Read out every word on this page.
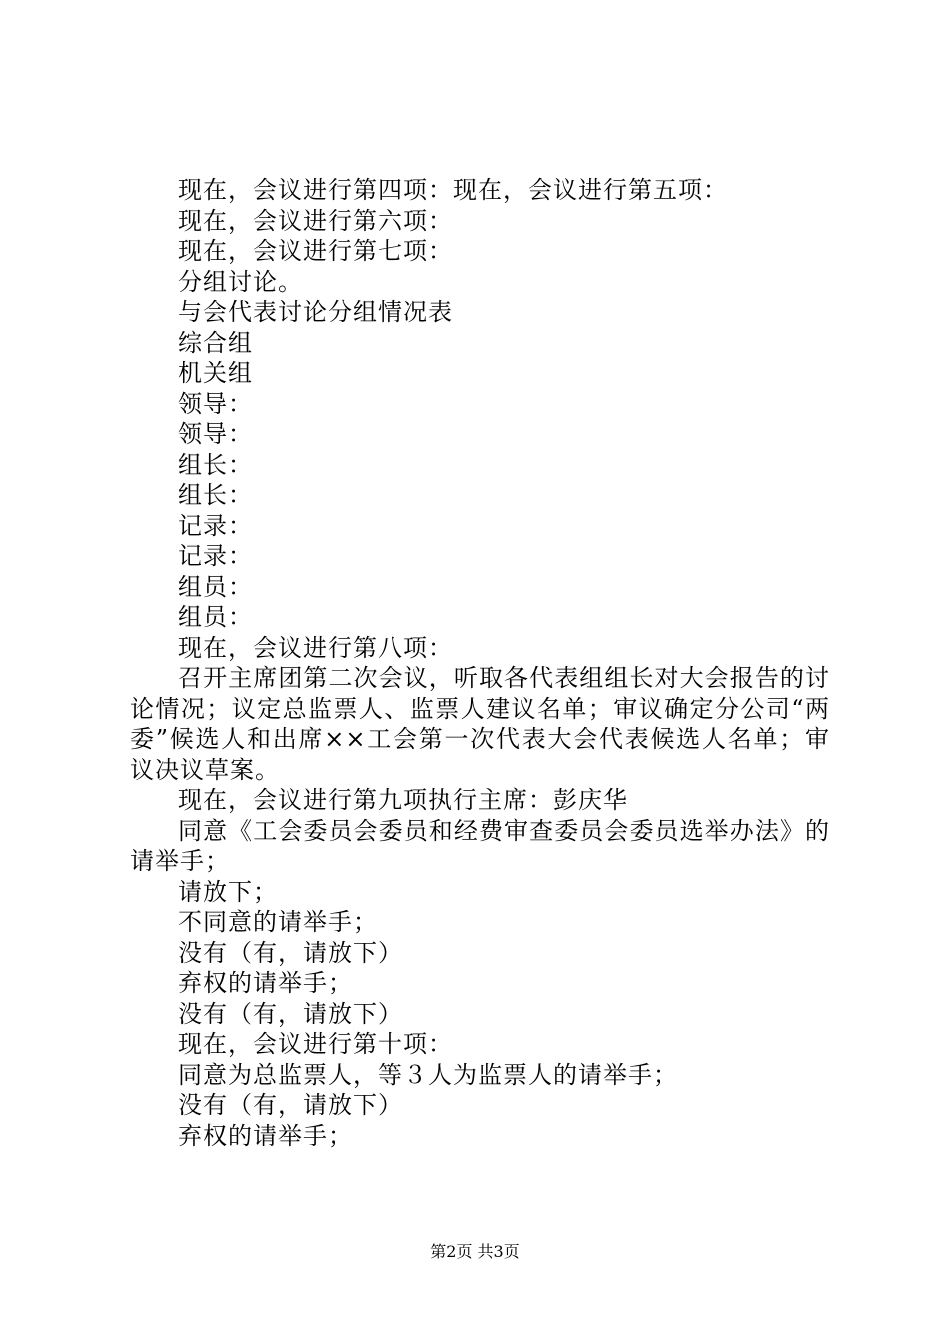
现在，会议进行第四项：现在，会议进行第五项：

现在，会议进行第六项：

现在，会议进行第七项：

分组讨论。

与会代表讨论分组情况表

综合组

机关组

领导：

领导：

组长：

组长：

记录：

记录：

组员：

组员：

现在，会议进行第八项：

召开主席团第二次会议，听取各代表组组长对大会报告的讨论情况；议定总监票人、监票人建议名单；审议确定分公司“两委”候选人和出席××工会第一次代表大会代表候选人名单；审议决议草案。

现在，会议进行第九项执行主席：彭庆华

同意《工会委员会委员和经费审查委员会委员选举办法》的请举手；

请放下；

不同意的请举手；

没有（有，请放下）

弃权的请举手；

没有（有，请放下）

现在，会议进行第十项：

同意为总监票人，等３人为监票人的请举手；

没有（有，请放下）

弃权的请举手；

第2页 共3页
